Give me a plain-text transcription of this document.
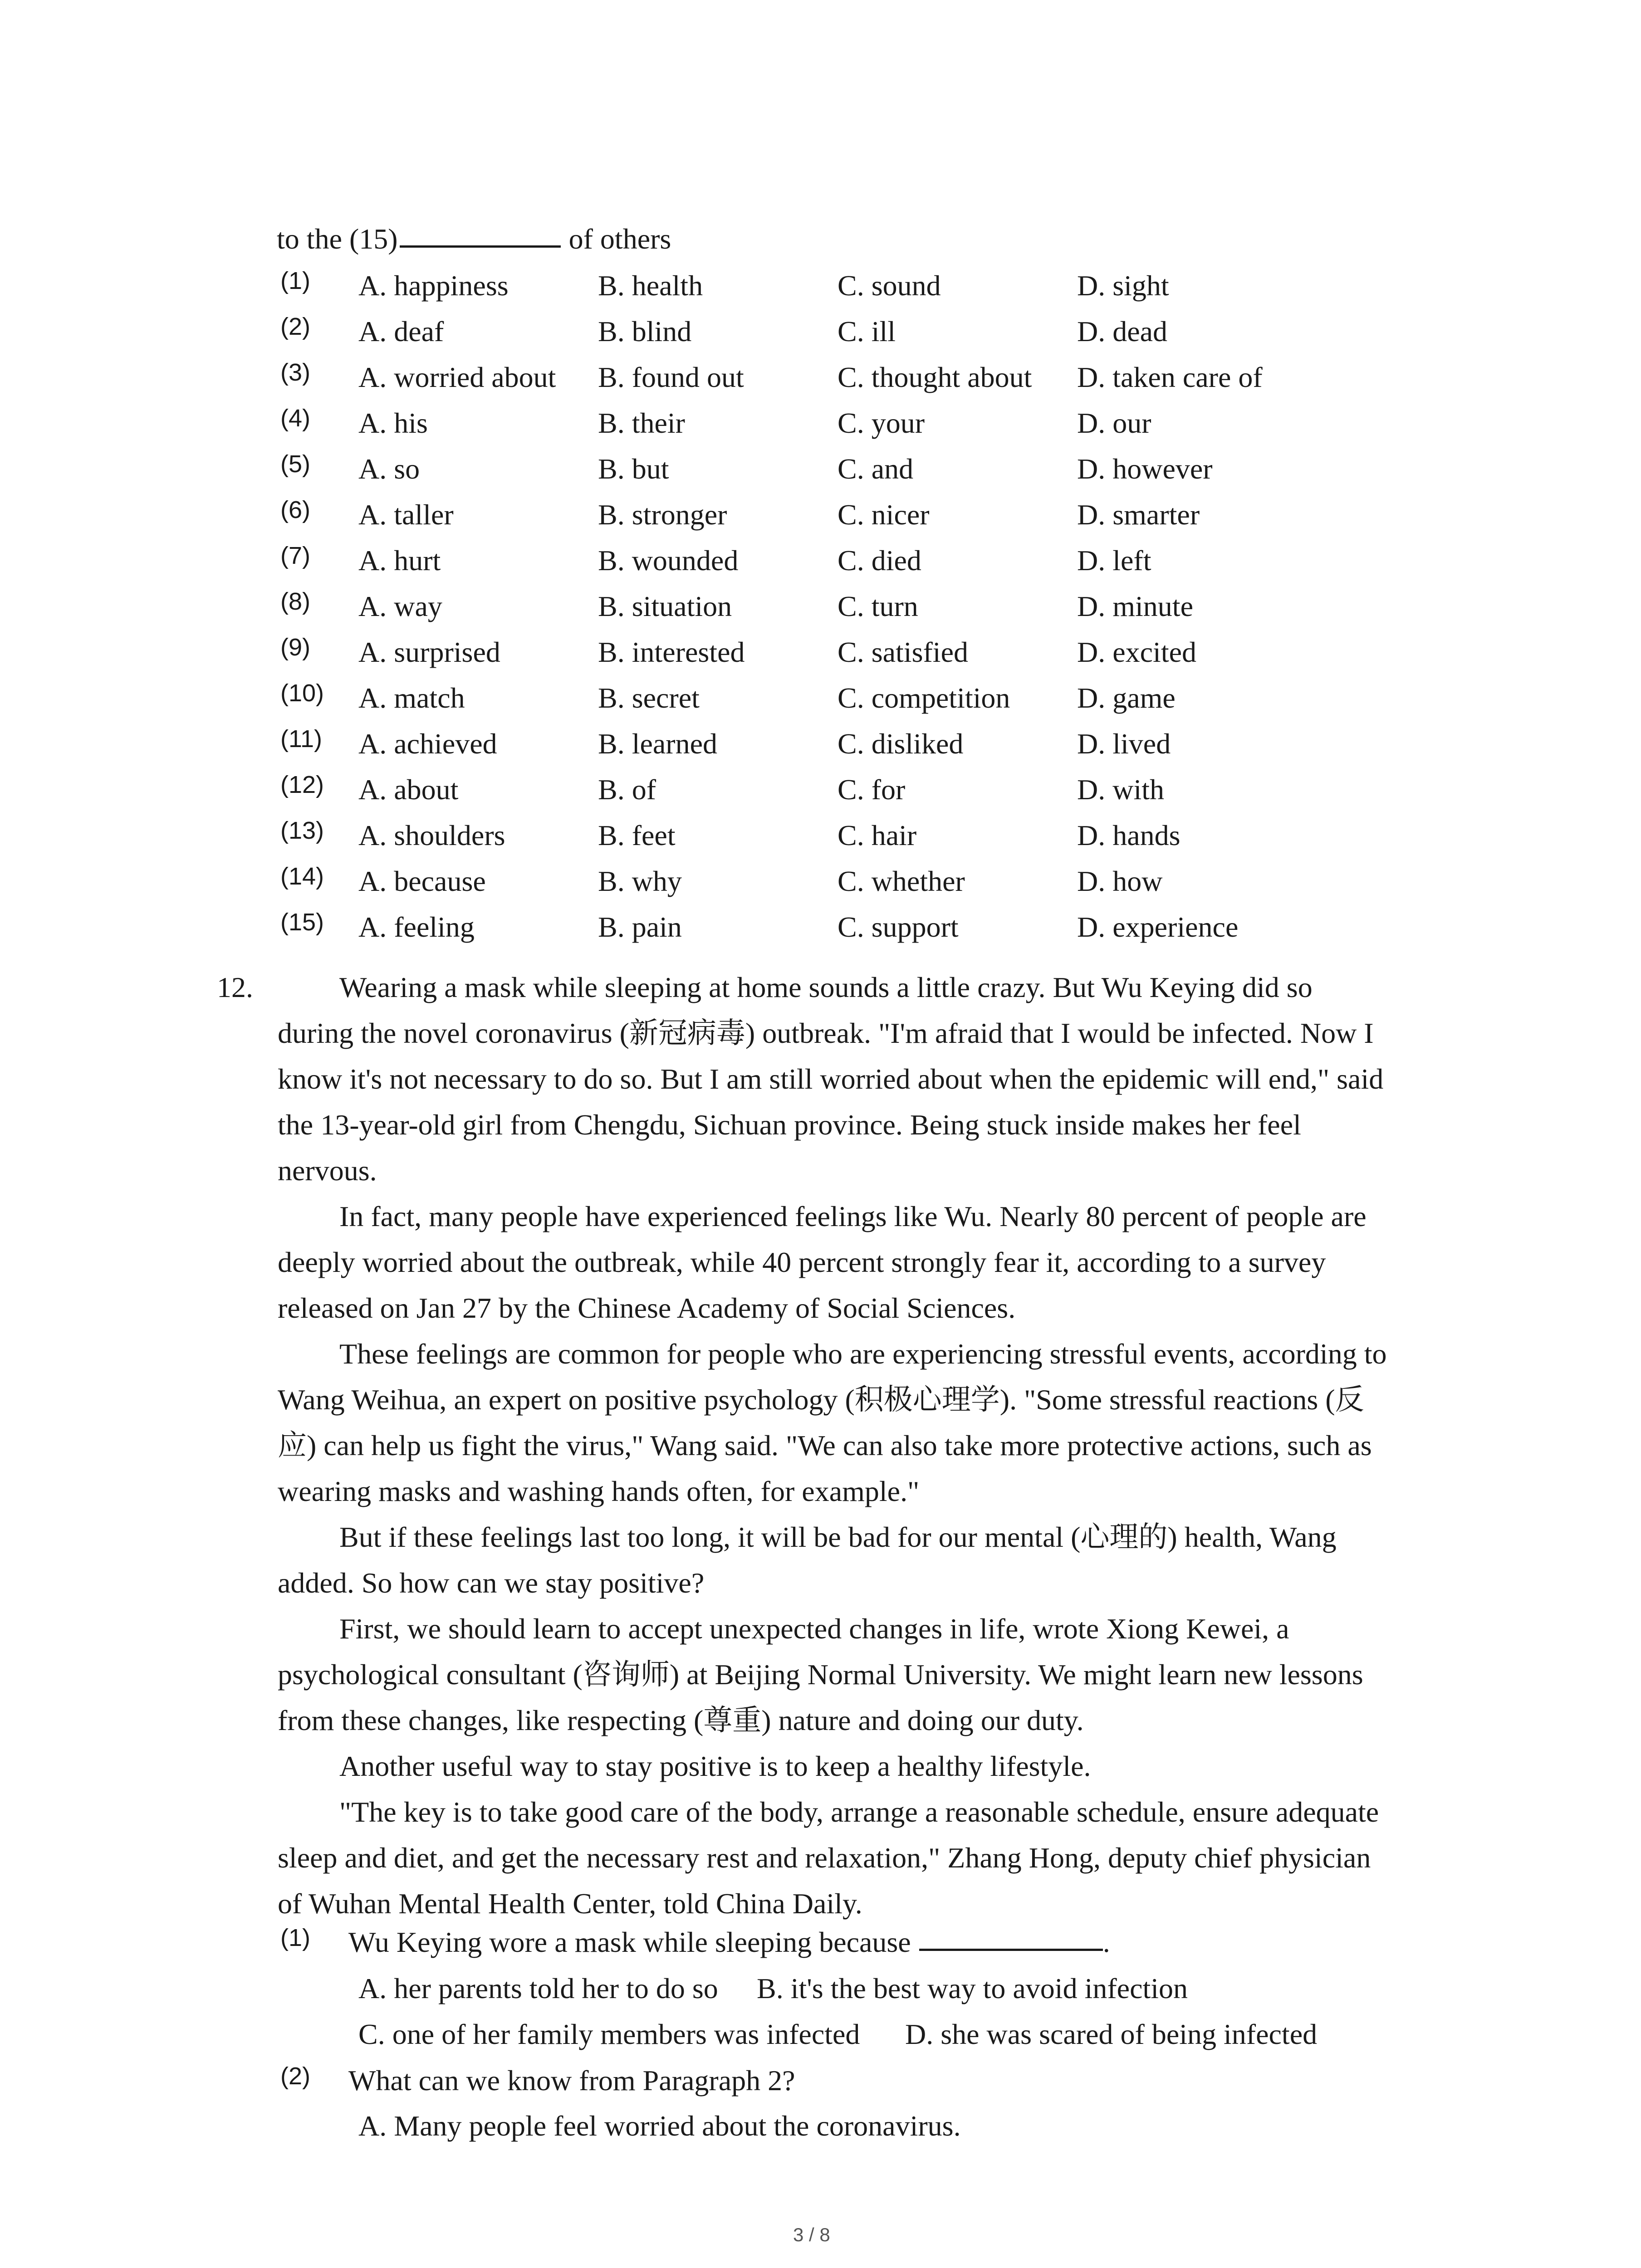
to the (15)	of others
(1) A. happiness	B. health	C. sound	D. sight
(2) A. deaf	B. blind	C. ill	D. dead
(3) A. worried about B. found out	C. thought about D. taken care of
(4) A. his	B. their	C. your	D. our
(5) A. so	B. but	C. and	D. however
(6) A. taller	B. stronger	C. nicer	D. smarter
(7) A. hurt	B. wounded	C. died	D. left
(8) A. way	B. situation	C. turn	D. minute
(9) A. surprised	B. interested	C. satisfied	D. excited
(10) A. match	B. secret	C. competition D. game
(11) A. achieved	B. learned	C. disliked	D. lived
(12) A. about	B. of	C. for	D. with
(13) A. shoulders	B. feet	C. hair	D. hands
(14) A. because	B. why	C. whether	D. how
(15) A. feeling	B. pain	C. support	D. experience
12.	Wearing a mask while sleeping at home sounds a little crazy. But Wu Keying did so
during the novel coronavirus (新冠病毒) outbreak. "I'm afraid that I would be infected. Now I
know it's not necessary to do so. But I am still worried about when the epidemic will end," said
the 13-year-old girl from Chengdu, Sichuan province. Being stuck inside makes her feel
nervous.
In fact, many people have experienced feelings like Wu. Nearly 80 percent of people are
deeply worried about the outbreak, while 40 percent strongly fear it, according to a survey
released on Jan 27 by the Chinese Academy of Social Sciences.
These feelings are common for people who are experiencing stressful events, according to
Wang Weihua, an expert on positive psychology (积极心理学). "Some stressful reactions (反
应) can help us fight the virus," Wang said. "We can also take more protective actions, such as
wearing masks and washing hands often, for example."
But if these feelings last too long, it will be bad for our mental (心理的) health, Wang
added. So how can we stay positive?
First, we should learn to accept unexpected changes in life, wrote Xiong Kewei, a
psychological consultant (咨询师) at Beijing Normal University. We might learn new lessons
from these changes, like respecting (尊重) nature and doing our duty.
Another useful way to stay positive is to keep a healthy lifestyle.
"The key is to take good care of the body, arrange a reasonable schedule, ensure adequate
sleep and diet, and get the necessary rest and relaxation," Zhang Hong, deputy chief physician
of Wuhan Mental Health Center, told China Daily.
(1) Wu Keying wore a mask while sleeping because	.
A. her parents told her to do so B. it's the best way to avoid infection
C. one of her family members was infected D. she was scared of being infected
(2) What can we know from Paragraph 2?
A. Many people feel worried about the coronavirus.
3 / 8
